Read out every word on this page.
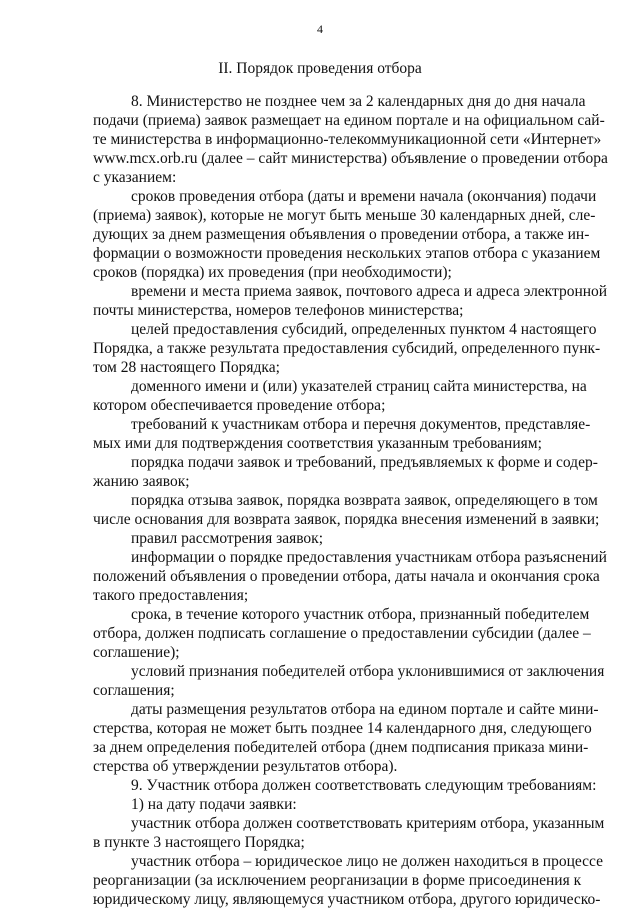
4
II. Порядок проведения отбора

8. Министерство не позднее чем за 2 календарных дня до дня начала
подачи (приема) заявок размещает на едином портале и на официальном сай-
те министерства в информационно-телекоммуникационной сети «Интернет»
www.mcx.orb.ru (далее – сайт министерства) объявление о проведении отбора
с указанием:

сроков проведения отбора (даты и времени начала (окончания) подачи
(приема) заявок), которые не могут быть меньше 30 календарных дней, сле-
дующих за днем размещения объявления о проведении отбора, а также ин-
формации о возможности проведения нескольких этапов отбора с указанием
сроков (порядка) их проведения (при необходимости);

времени и места приема заявок, почтового адреса и адреса электронной
почты министерства, номеров телефонов министерства;

целей предоставления субсидий, определенных пунктом 4 настоящего
Порядка, а также результата предоставления субсидий, определенного пунк-
том 28 настоящего Порядка;

доменного имени и (или) указателей страниц сайта министерства, на
котором обеспечивается проведение отбора;

требований к участникам отбора и перечня документов, представляе-
мых ими для подтверждения соответствия указанным требованиям;

порядка подачи заявок и требований, предъявляемых к форме и содер-
жанию заявок;

порядка отзыва заявок, порядка возврата заявок, определяющего в том
числе основания для возврата заявок, порядка внесения изменений в заявки;

правил рассмотрения заявок;

информации о порядке предоставления участникам отбора разъяснений
положений объявления о проведении отбора, даты начала и окончания срока
такого предоставления;

срока, в течение которого участник отбора, признанный победителем
отбора, должен подписать соглашение о предоставлении субсидии (далее –
соглашение);

условий признания победителей отбора уклонившимися от заключения
соглашения;

даты размещения результатов отбора на едином портале и сайте мини-
стерства, которая не может быть позднее 14 календарного дня, следующего
за днем определения победителей отбора (днем подписания приказа мини-
стерства об утверждении результатов отбора).

9. Участник отбора должен соответствовать следующим требованиям:

1) на дату подачи заявки:

участник отбора должен соответствовать критериям отбора, указанным
в пункте 3 настоящего Порядка;

участник отбора – юридическое лицо не должен находиться в процессе
реорганизации (за исключением реорганизации в форме присоединения к
юридическому лицу, являющемуся участником отбора, другого юридическо-
